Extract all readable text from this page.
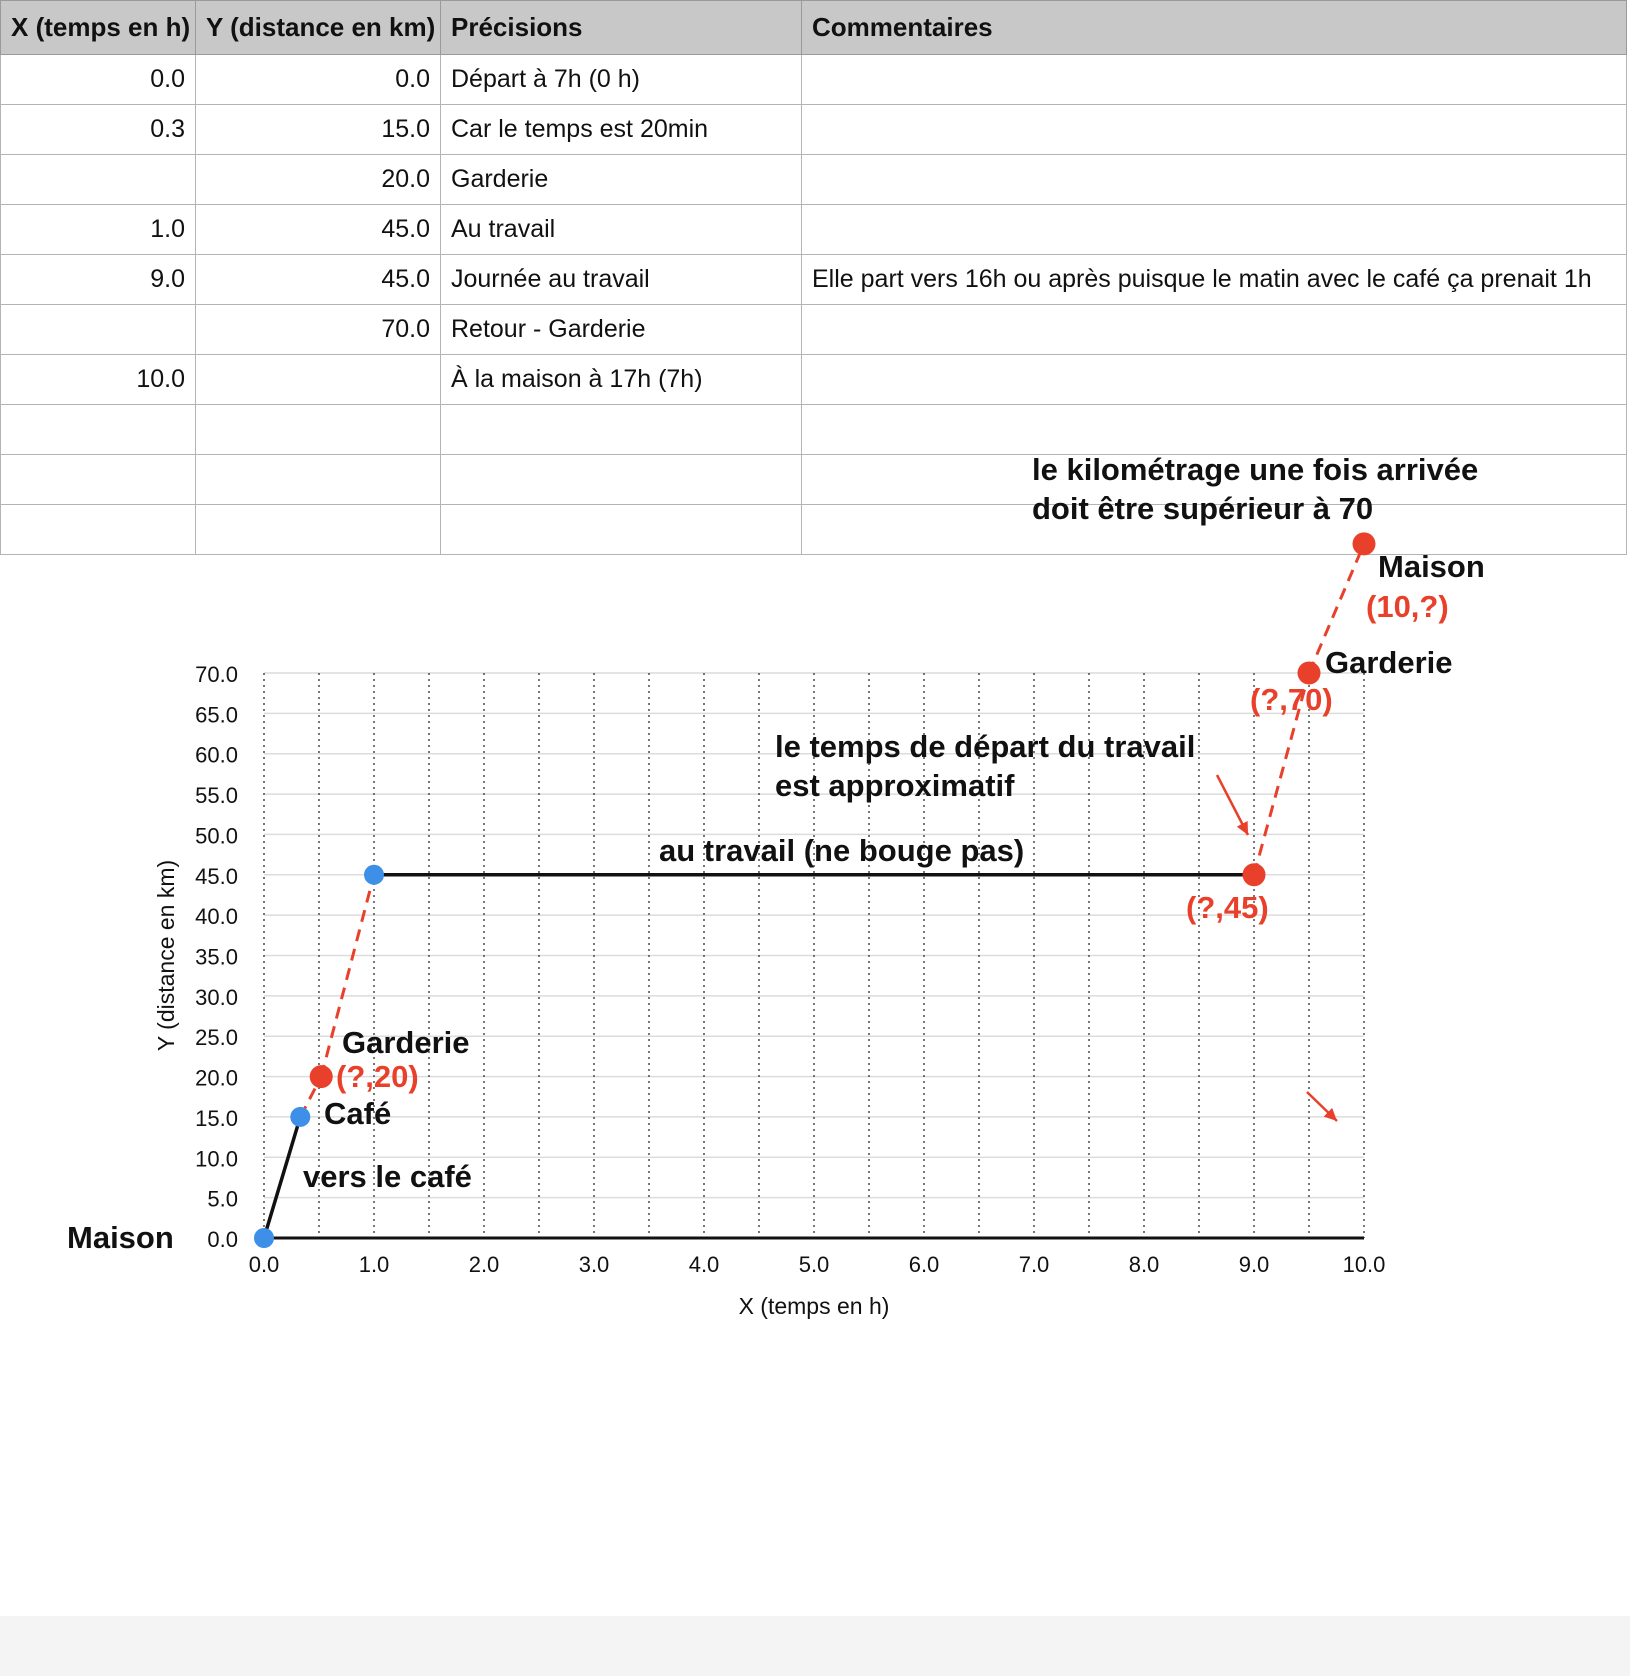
X (temps en h)	Y (distance en km)	Précisions	Commentaires
0.0	0.0	Départ à 7h (0 h)	
0.3	15.0	Car le temps est 20min	
	20.0	Garderie	
1.0	45.0	Au travail	
9.0	45.0	Journée au travail	Elle part vers 16h ou après puisque le matin avec le café ça prenait 1h
	70.0	Retour - Garderie	
10.0		À la maison à 17h (7h)	

0.0
5.0
10.0
15.0
20.0
25.0
30.0
35.0
40.0
45.0
50.0
55.0
60.0
65.0
70.0
0.0	1.0	2.0	3.0	4.0	5.0	6.0	7.0	8.0	9.0	10.0
X (temps en h)
Y (distance en km)
Maison
vers le café
Café
Garderie
(?,20)
au travail (ne bouge pas)
(?,45)
le temps de départ du travail
est approximatif
(?,70)
Garderie
Maison
(10,?)
le kilométrage une fois arrivée
doit être supérieur à 70
